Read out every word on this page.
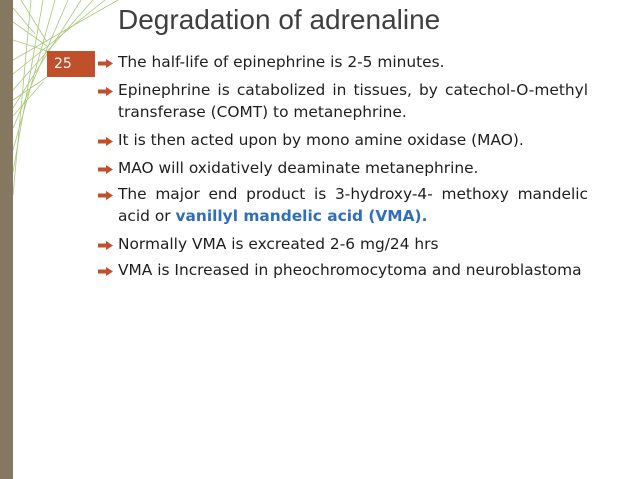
Degradation of adrenaline
25	The half-life of epinephrine is 2-5 minutes.
Epinephrine is catabolized in tissues, by catechol-O-methyl transferase (COMT) to metanephrine.
It is then acted upon by mono amine oxidase (MAO).
MAO will oxidatively deaminate metanephrine.
The major end product is 3-hydroxy-4- methoxy mandelic acid or vanillyl mandelic acid (VMA).
Normally VMA is excreated 2-6 mg/24 hrs
VMA is Increased in pheochromocytoma and neuroblastoma
